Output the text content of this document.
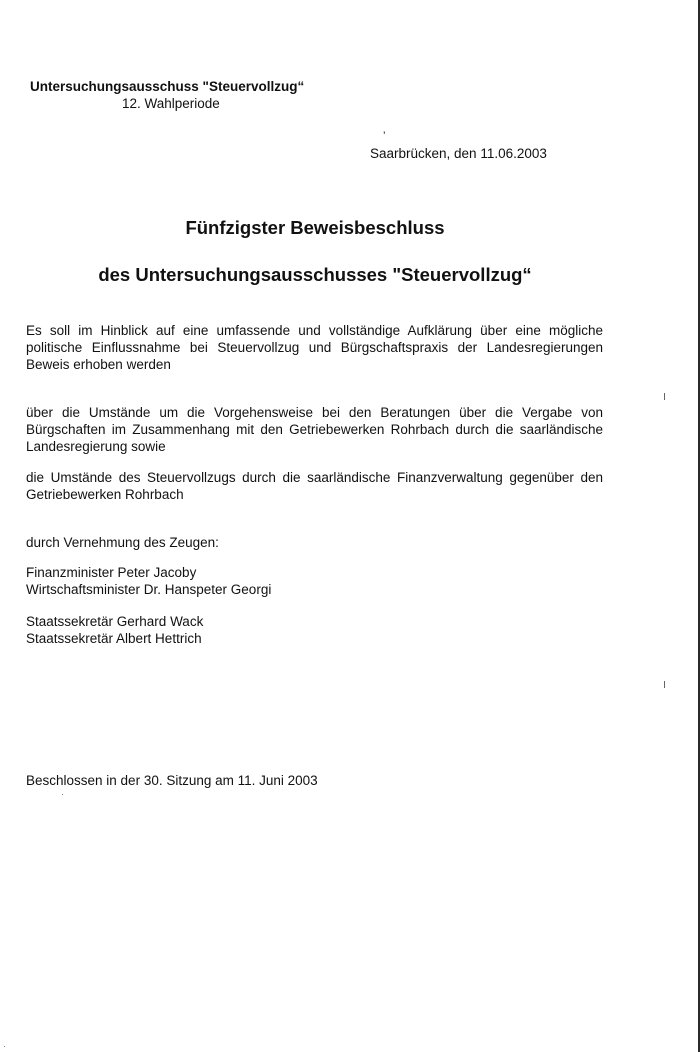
Untersuchungsausschuss "Steuervollzug“

12. Wahlperiode

’

Saarbrücken, den 11.06.2003

Fünfzigster Beweisbeschluss
des Untersuchungsausschusses "Steuervollzug“

Es soll im Hinblick auf eine umfassende und vollständige Aufklärung über eine mögliche politische Einflussnahme bei Steuervollzug und Bürgschaftspraxis der Landesregierungen Beweis erhoben werden

über die Umstände um die Vorgehensweise bei den Beratungen über die Vergabe von Bürgschaften im Zusammenhang mit den Getriebewerken Rohrbach durch die saarländische Landesregierung sowie

die Umstände des Steuervollzugs durch die saarländische Finanzverwaltung gegenüber den Getriebewerken Rohrbach

durch Vernehmung des Zeugen:

Finanzminister Peter Jacoby

Wirtschaftsminister Dr. Hanspeter Georgi

Staatssekretär Gerhard Wack

Staatssekretär Albert Hettrich

Beschlossen in der 30. Sitzung am 11. Juni 2003
